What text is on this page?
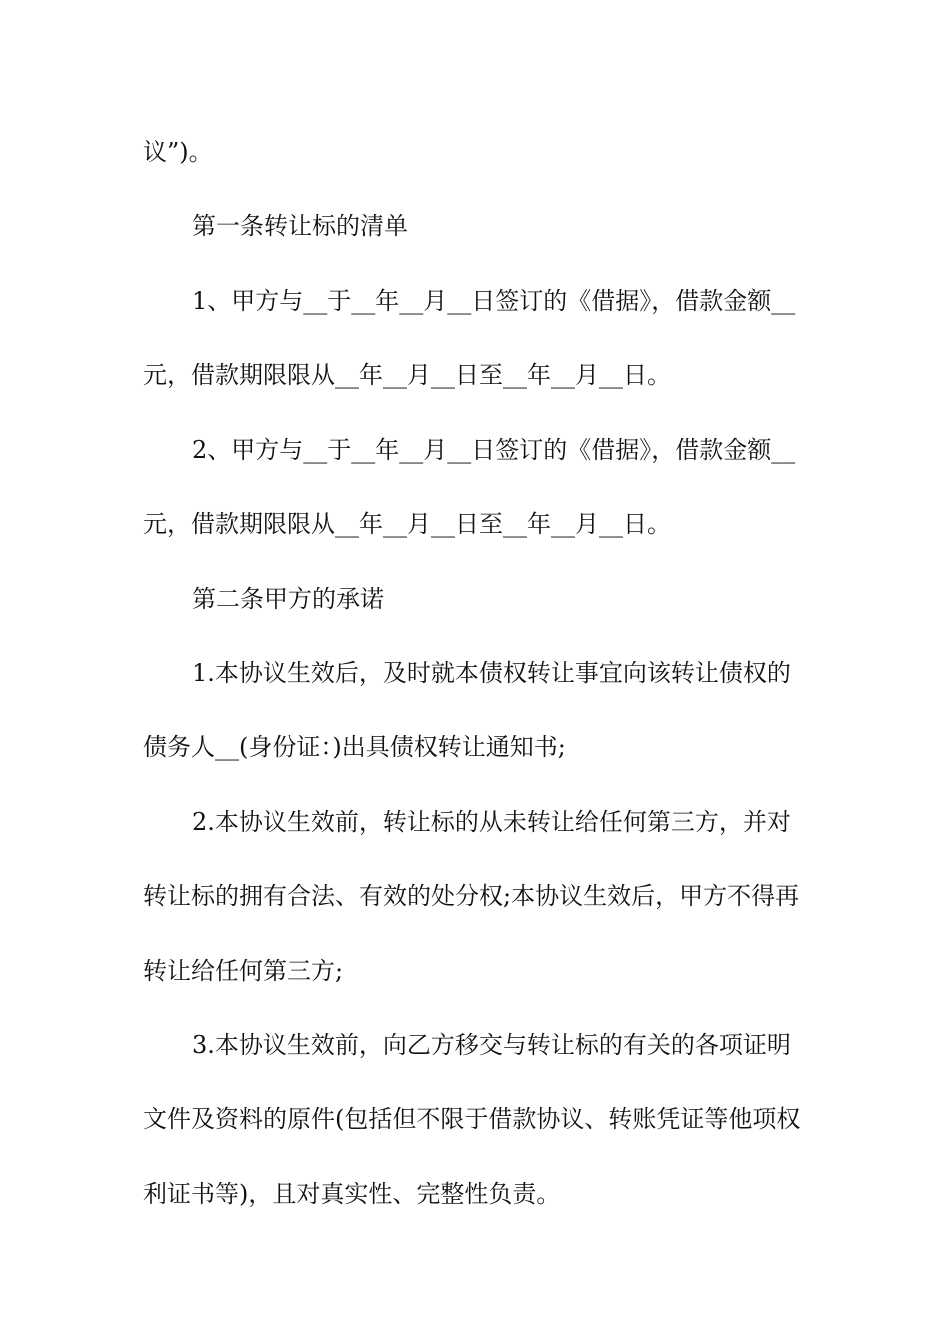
议”)。
第一条转让标的清单
1、甲方与__于__年__月__日签订的《借据》，借款金额__
元，借款期限限从__年__月__日至__年__月__日。
2、甲方与__于__年__月__日签订的《借据》，借款金额__
元，借款期限限从__年__月__日至__年__月__日。
第二条甲方的承诺
1.本协议生效后，及时就本债权转让事宜向该转让债权的
债务人__(身份证：)出具债权转让通知书;
2.本协议生效前，转让标的从未转让给任何第三方，并对
转让标的拥有合法、有效的处分权;本协议生效后，甲方不得再
转让给任何第三方;
3.本协议生效前，向乙方移交与转让标的有关的各项证明
文件及资料的原件(包括但不限于借款协议、转账凭证等他项权
利证书等)，且对真实性、完整性负责。
